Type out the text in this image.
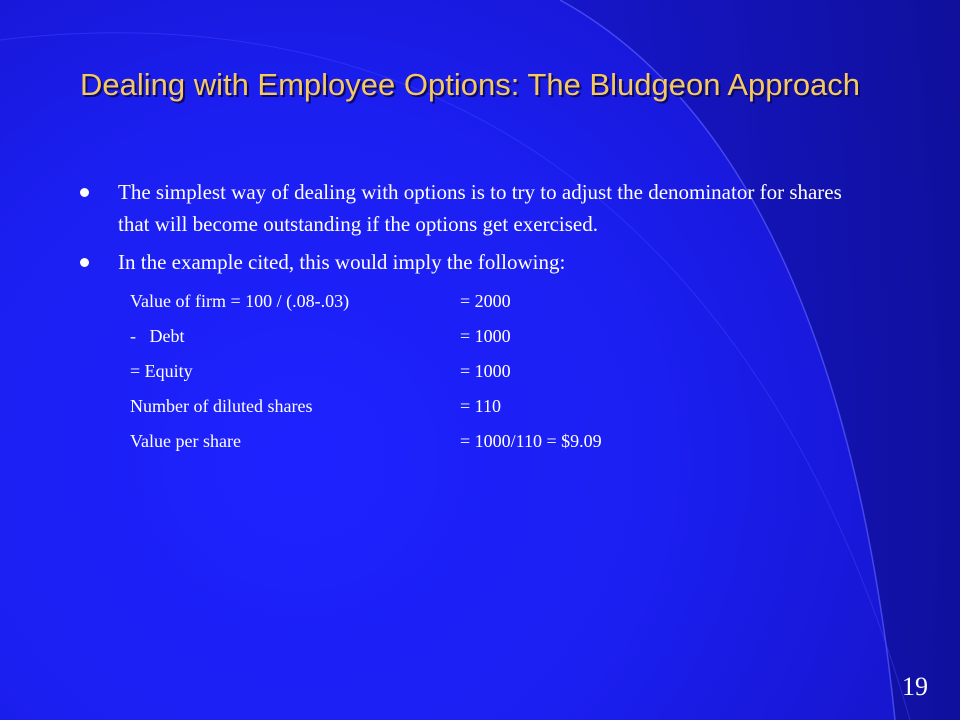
Dealing with Employee Options: The Bludgeon Approach
The simplest way of dealing with options is to try to adjust the denominator for shares that will become outstanding if the options get exercised.
In the example cited, this would imply the following:
Value of firm = 100 / (.08-.03)	= 2000
-   Debt	= 1000
= Equity	= 1000
Number of diluted shares	= 110
Value per share	= 1000/110 = $9.09
19
